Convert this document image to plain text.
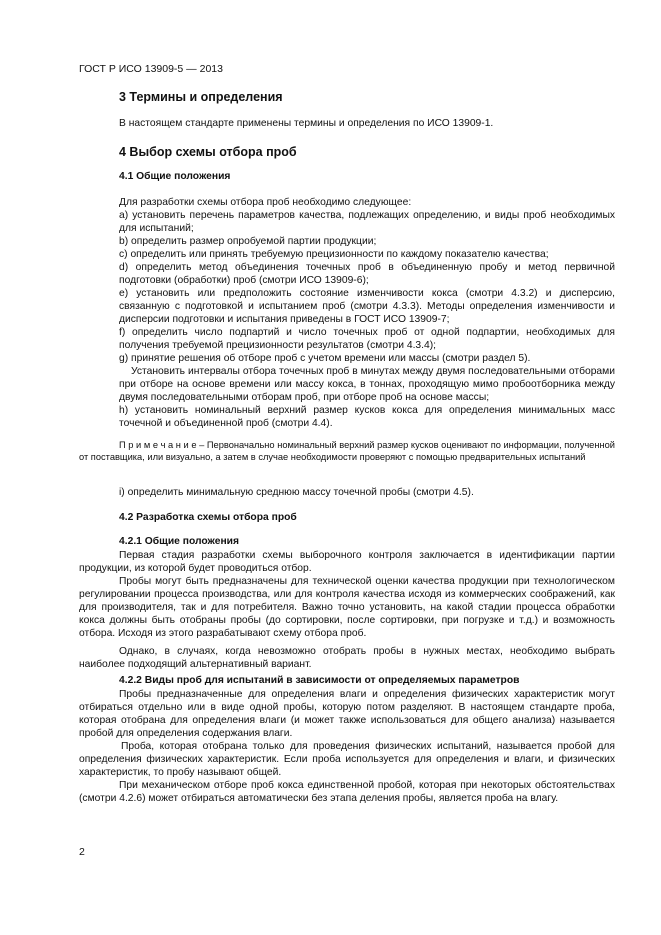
ГОСТ Р ИСО 13909-5 — 2013
3 Термины и определения

В настоящем стандарте применены термины и определения по ИСО 13909-1.

4 Выбор схемы отбора проб
4.1 Общие положения

Для разработки схемы отбора проб необходимо следующее:

а) установить перечень параметров качества, подлежащих определению, и виды проб необходимых для испытаний;

b) определить размер опробуемой партии продукции;

c) определить или принять требуемую прецизионности по каждому показателю качества;

d) определить метод объединения точечных проб в объединенную пробу и метод первичной подготовки (обработки) проб (смотри ИСО 13909-6);

е) установить или предположить состояние изменчивости кокса (смотри 4.3.2) и дисперсию, связанную с подготовкой и испытанием проб (смотри 4.3.3). Методы определения изменчивости и дисперсии подготовки и испытания приведены в ГОСТ ИСО 13909-7;

f) определить число подпартий и число точечных проб от одной подпартии, необходимых для получения требуемой прецизионности результатов (смотри 4.3.4);

g) принятие решения об отборе проб с учетом времени или массы (смотри раздел 5).

Установить интервалы отбора точечных проб в минутах между двумя последовательными отборами при отборе на основе времени или массу кокса, в тоннах, проходящую мимо пробоотборника между двумя последовательными отборам проб, при отборе проб на основе массы;

h) установить номинальный верхний размер кусков кокса для определения минимальных масс точечной и объединенной проб (смотри 4.4).

П р и м е ч а н и е – Первоначально номинальный верхний размер кусков оценивают по информации, полученной от поставщика, или визуально, а затем в случае необходимости проверяют с помощью предварительных испытаний

i) определить минимальную среднюю массу точечной пробы (смотри 4.5).

4.2 Разработка схемы отбора проб
4.2.1 Общие положения

Первая стадия разработки схемы выборочного контроля заключается в идентификации партии продукции, из которой будет проводиться отбор.

Пробы могут быть предназначены для технической оценки качества продукции при технологическом регулировании процесса производства, или для контроля качества исходя из коммерческих соображений, как для производителя, так и для потребителя. Важно точно установить, на какой стадии процесса обработки кокса должны быть отобраны пробы (до сортировки, после сортировки, при погрузке и т.д.) и возможность отбора. Исходя из этого разрабатывают схему отбора проб.

Однако, в случаях, когда невозможно отобрать пробы в нужных местах, необходимо выбрать наиболее подходящий альтернативный вариант.

4.2.2 Виды проб для испытаний в зависимости от определяемых параметров

Пробы предназначенные для определения влаги и определения физических характеристик могут отбираться отдельно или в виде одной пробы, которую потом разделяют. В настоящем стандарте проба, которая отобрана для определения влаги (и может также использоваться для общего анализа) называется пробой для определения содержания влаги.

Проба, которая отобрана только для проведения физических испытаний, называется пробой для определения физических характеристик. Если проба используется для определения и влаги, и физических характеристик, то пробу называют общей.

При механическом отборе проб кокса единственной пробой, которая при некоторых обстоятельствах (смотри 4.2.6) может отбираться автоматически без этапа деления пробы, является проба на влагу.

2
